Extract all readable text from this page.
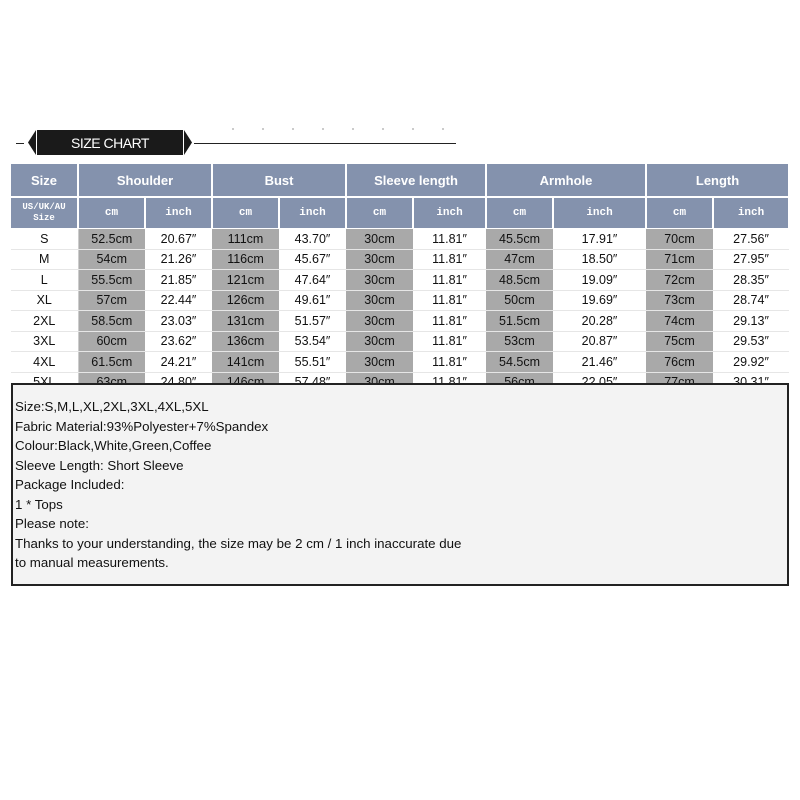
SIZE CHART
Size	Shoulder		Bust		Sleeve length		Armhole		Length	
US/UK/AU Size	cm	inch	cm	inch	cm	inch	cm	inch	cm	inch
S	52.5cm	20.67″	111cm	43.70″	30cm	11.81″	45.5cm	17.91″	70cm	27.56″
M	54cm	21.26″	116cm	45.67″	30cm	11.81″	47cm	18.50″	71cm	27.95″
L	55.5cm	21.85″	121cm	47.64″	30cm	11.81″	48.5cm	19.09″	72cm	28.35″
XL	57cm	22.44″	126cm	49.61″	30cm	11.81″	50cm	19.69″	73cm	28.74″
2XL	58.5cm	23.03″	131cm	51.57″	30cm	11.81″	51.5cm	20.28″	74cm	29.13″
3XL	60cm	23.62″	136cm	53.54″	30cm	11.81″	53cm	20.87″	75cm	29.53″
4XL	61.5cm	24.21″	141cm	55.51″	30cm	11.81″	54.5cm	21.46″	76cm	29.92″

Size:S,M,L,XL,2XL,3XL,4XL,5XL
Fabric Material:93%Polyester+7%Spandex
Colour:Black,White,Green,Coffee
Sleeve Length: Short Sleeve
Package Included:
1 * Tops
Please note:
Thanks to your understanding, the size may be 2 cm / 1 inch inaccurate due
to manual measurements.
